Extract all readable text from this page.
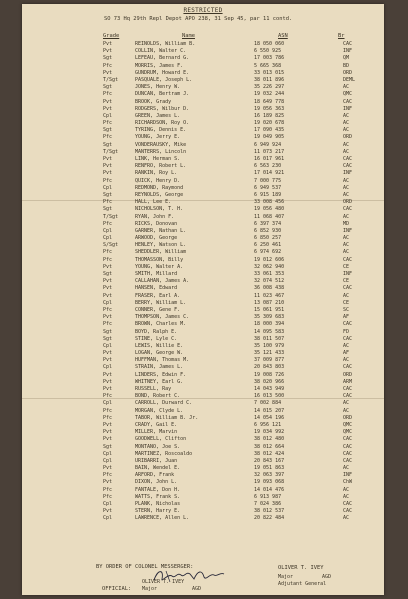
RESTRICTED
SO 73 Hq 29th Repl Depot APO 238, 31 Sep 45, par 11 contd.
Grade	Name	ASN	Br
Pvt	REINOLDS, William B.	18 050 060	CAC
Pvt	COLLIN, Walter C.	6 550 925	INF
Sgt	LEFEAU, Bernard G.	17 003 786	QM
Pfc	MORRIS, James F.	5 665 368	BD
Pvt	GUNDRUM, Howard E.	33 013 015	ORD
T/Sgt	PASQUALE, Joseph L.	38 011 896	DEML
Sgt	JONES, Henry W.	35 226 297	AC
Pfc	DUNCAN, Bertram J.	19 032 244	QMC
Pvt	BROOK, Grady	18 649 778	CAC
Pvt	RODGERS, Wilbur D.	19 056 363	INF
Cpl	GREEN, James L.	16 189 825	AC
Pfc	RICHARDSON, Roy O.	19 020 678	AC
Sgt	TYRING, Dennis E.	17 090 435	AC
Pfc	YOUNG, Jerry E.	19 049 905	ORD
Sgt	VONDERAUSKY, Mike	6 949 924	AC
T/Sgt	MANTERRS, Lincoln	11 073 217	AC
Pvt	LINK, Herman S.	16 017 961	CAC
Pvt	RENFRO, Robert L.	6 563 230	CAC
Pvt	RANKIN, Roy L.	17 014 921	INF
Pfc	QUICK, Henry D.	7 000 775	AC
Cpl	REDMOND, Raymond	6 949 537	AC
Sgt	REYNOLDS, George	6 915 189	AC
Pfc	HALL, Lee E.	33 008 456	ORD
Sgt	NICHOLSON, T. H.	19 056 480	CAC
T/Sgt	RYAN, John F.	11 068 407	AC
Pfc	RICKS, Donovan	6 397 374	MD
Cpl	GARNER, Nathan L.	6 852 930	INF
Cpl	ARWOOD, George	6 850 257	AC
S/Sgt	HENLEY, Watson L.	6 250 461	AC
Pfc	SHEDDLER, William	6 974 692	AC
Pfc	THOMASSON, Billy	19 012 606	CAC
Pvt	YOUNG, Walter A.	32 062 940	CE
Sgt	SMITH, Millard	33 061 353	INF
Pvt	CALLAHAN, James A.	32 074 512	CE
Pvt	HANSEN, Edward	36 008 438	CAC
Pvt	FRASER, Earl A.	11 023 467	AC
Cpl	BERRY, William L.	13 087 210	CE
Pfc	CONNER, Gene F.	15 061 951	SC
Pvt	THOMPSON, James C.	35 309 683	AF
Pfc	BROWN, Charles M.	18 000 394	CAC
Sgt	BOYD, Ralph E.	14 095 583	FD
Sgt	STINE, Lyle C.	38 011 507	CAC
Cpl	LEWIS, Willie E.	35 100 979	AC
Pvt	LOGAN, George W.	35 121 433	AF
Pvt	HUFFMAN, Thomas M.	37 009 877	AC
Cpl	STRAIN, James L.	20 843 803	CAC
Pvt	LINDERS, Edwin F.	19 008 726	ORD
Pvt	WHITNEY, Earl G.	38 020 966	ARM
Pvt	RUSSELL, Ray	14 043 949	CAC
Pfc	BOND, Robert C.	16 013 500	CAC
Cpl	CARROLL, Durward C.	7 002 884	AC
Pfc	MORGAN, Clyde L.	14 015 207	AC
Pfc	TABOR, William B. Jr.	14 054 196	ORD
Pvt	CRADY, Gail E.	6 956 121	QMC
Pvt	MILLER, Marvin	19 034 992	QMC
Pvt	GOODWELL, Clifton	38 012 480	CAC
Sgt	MONTANO, Joe S.	38 012 664	CAC
Cpl	MARTINEZ, Roscoaldo	38 012 424	CAC
Cpl	URIBARRI, Juan	20 843 167	CAC
Pvt	BAIN, Wendel E.	19 051 863	AC
Pfc	ARFORD, Frank	32 063 397	INF
Pvt	DIXON, John L.	19 093 068	ChW
Pfc	FANTALE, Don H.	14 014 476	AC
Pfc	WATTS, Frank S.	6 913 987	AC
Cpl	PLANK, Nicholas	7 024 386	CAC
Pvt	STERN, Harry E.	38 012 537	CAC
Cpl	LAWRENCE, Allen L.	20 822 484	AC
BY ORDER OF COLONEL MESSERGER:
OLIVER T. IVEY
OFFICIAL: Major	AGD
OLIVER T. IVEY
Major	AGD
Adjutant General
